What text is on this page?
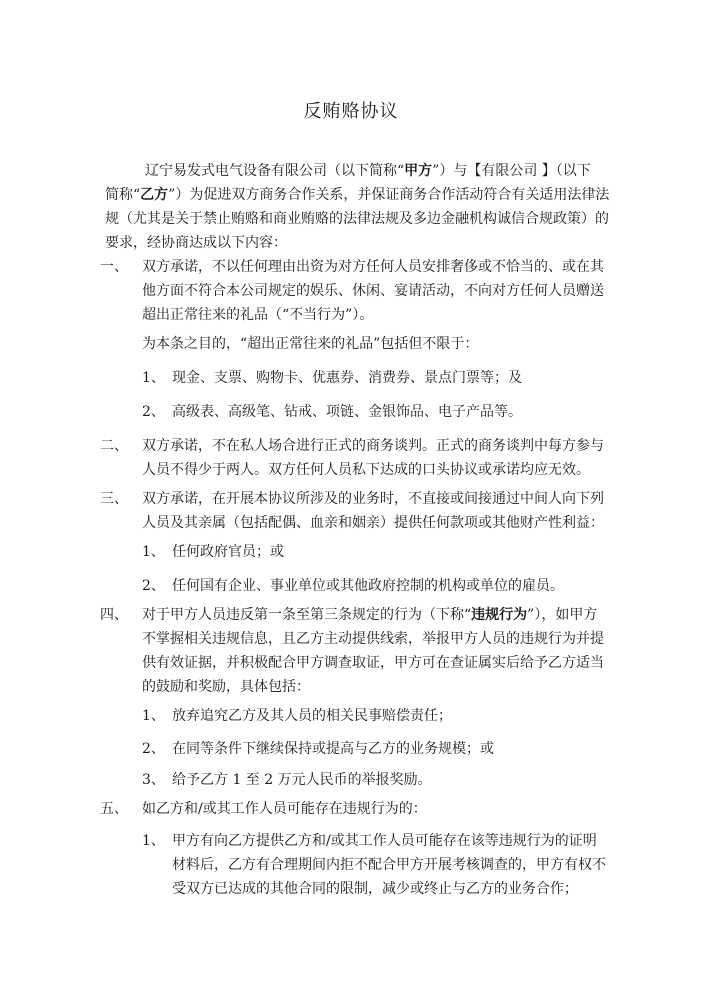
反贿赂协议
辽宁易发式电气设备有限公司（以下简称“甲方”）与【有限公司 】（以下
简称“乙方”）为促进双方商务合作关系，并保证商务合作活动符合有关适用法律法
规（尤其是关于禁止贿赂和商业贿赂的法律法规及多边金融机构诚信合规政策）的
要求，经协商达成以下内容：
一、 双方承诺，不以任何理由出资为对方任何人员安排奢侈或不恰当的、或在其
他方面不符合本公司规定的娱乐、休闲、宴请活动，不向对方任何人员赠送
超出正常往来的礼品（“不当行为”）。
为本条之目的，“超出正常往来的礼品”包括但不限于：
1、 现金、支票、购物卡、优惠券、消费券、景点门票等；及
2、 高级表、高级笔、钻戒、项链、金银饰品、电子产品等。
二、 双方承诺，不在私人场合进行正式的商务谈判。正式的商务谈判中每方参与
人员不得少于两人。双方任何人员私下达成的口头协议或承诺均应无效。
三、 双方承诺，在开展本协议所涉及的业务时，不直接或间接通过中间人向下列
人员及其亲属（包括配偶、血亲和姻亲）提供任何款项或其他财产性利益：
1、 任何政府官员；或
2、 任何国有企业、事业单位或其他政府控制的机构或单位的雇员。
四、 对于甲方人员违反第一条至第三条规定的行为（下称“违规行为”），如甲方
不掌握相关违规信息，且乙方主动提供线索，举报甲方人员的违规行为并提
供有效证据，并积极配合甲方调查取证，甲方可在查证属实后给予乙方适当
的鼓励和奖励，具体包括：
1、 放弃追究乙方及其人员的相关民事赔偿责任；
2、 在同等条件下继续保持或提高与乙方的业务规模；或
3、 给予乙方 1 至 2 万元人民币的举报奖励。
五、 如乙方和/或其工作人员可能存在违规行为的：
1、 甲方有向乙方提供乙方和/或其工作人员可能存在该等违规行为的证明
材料后，乙方有合理期间内拒不配合甲方开展考核调查的，甲方有权不
受双方已达成的其他合同的限制，减少或终止与乙方的业务合作；
